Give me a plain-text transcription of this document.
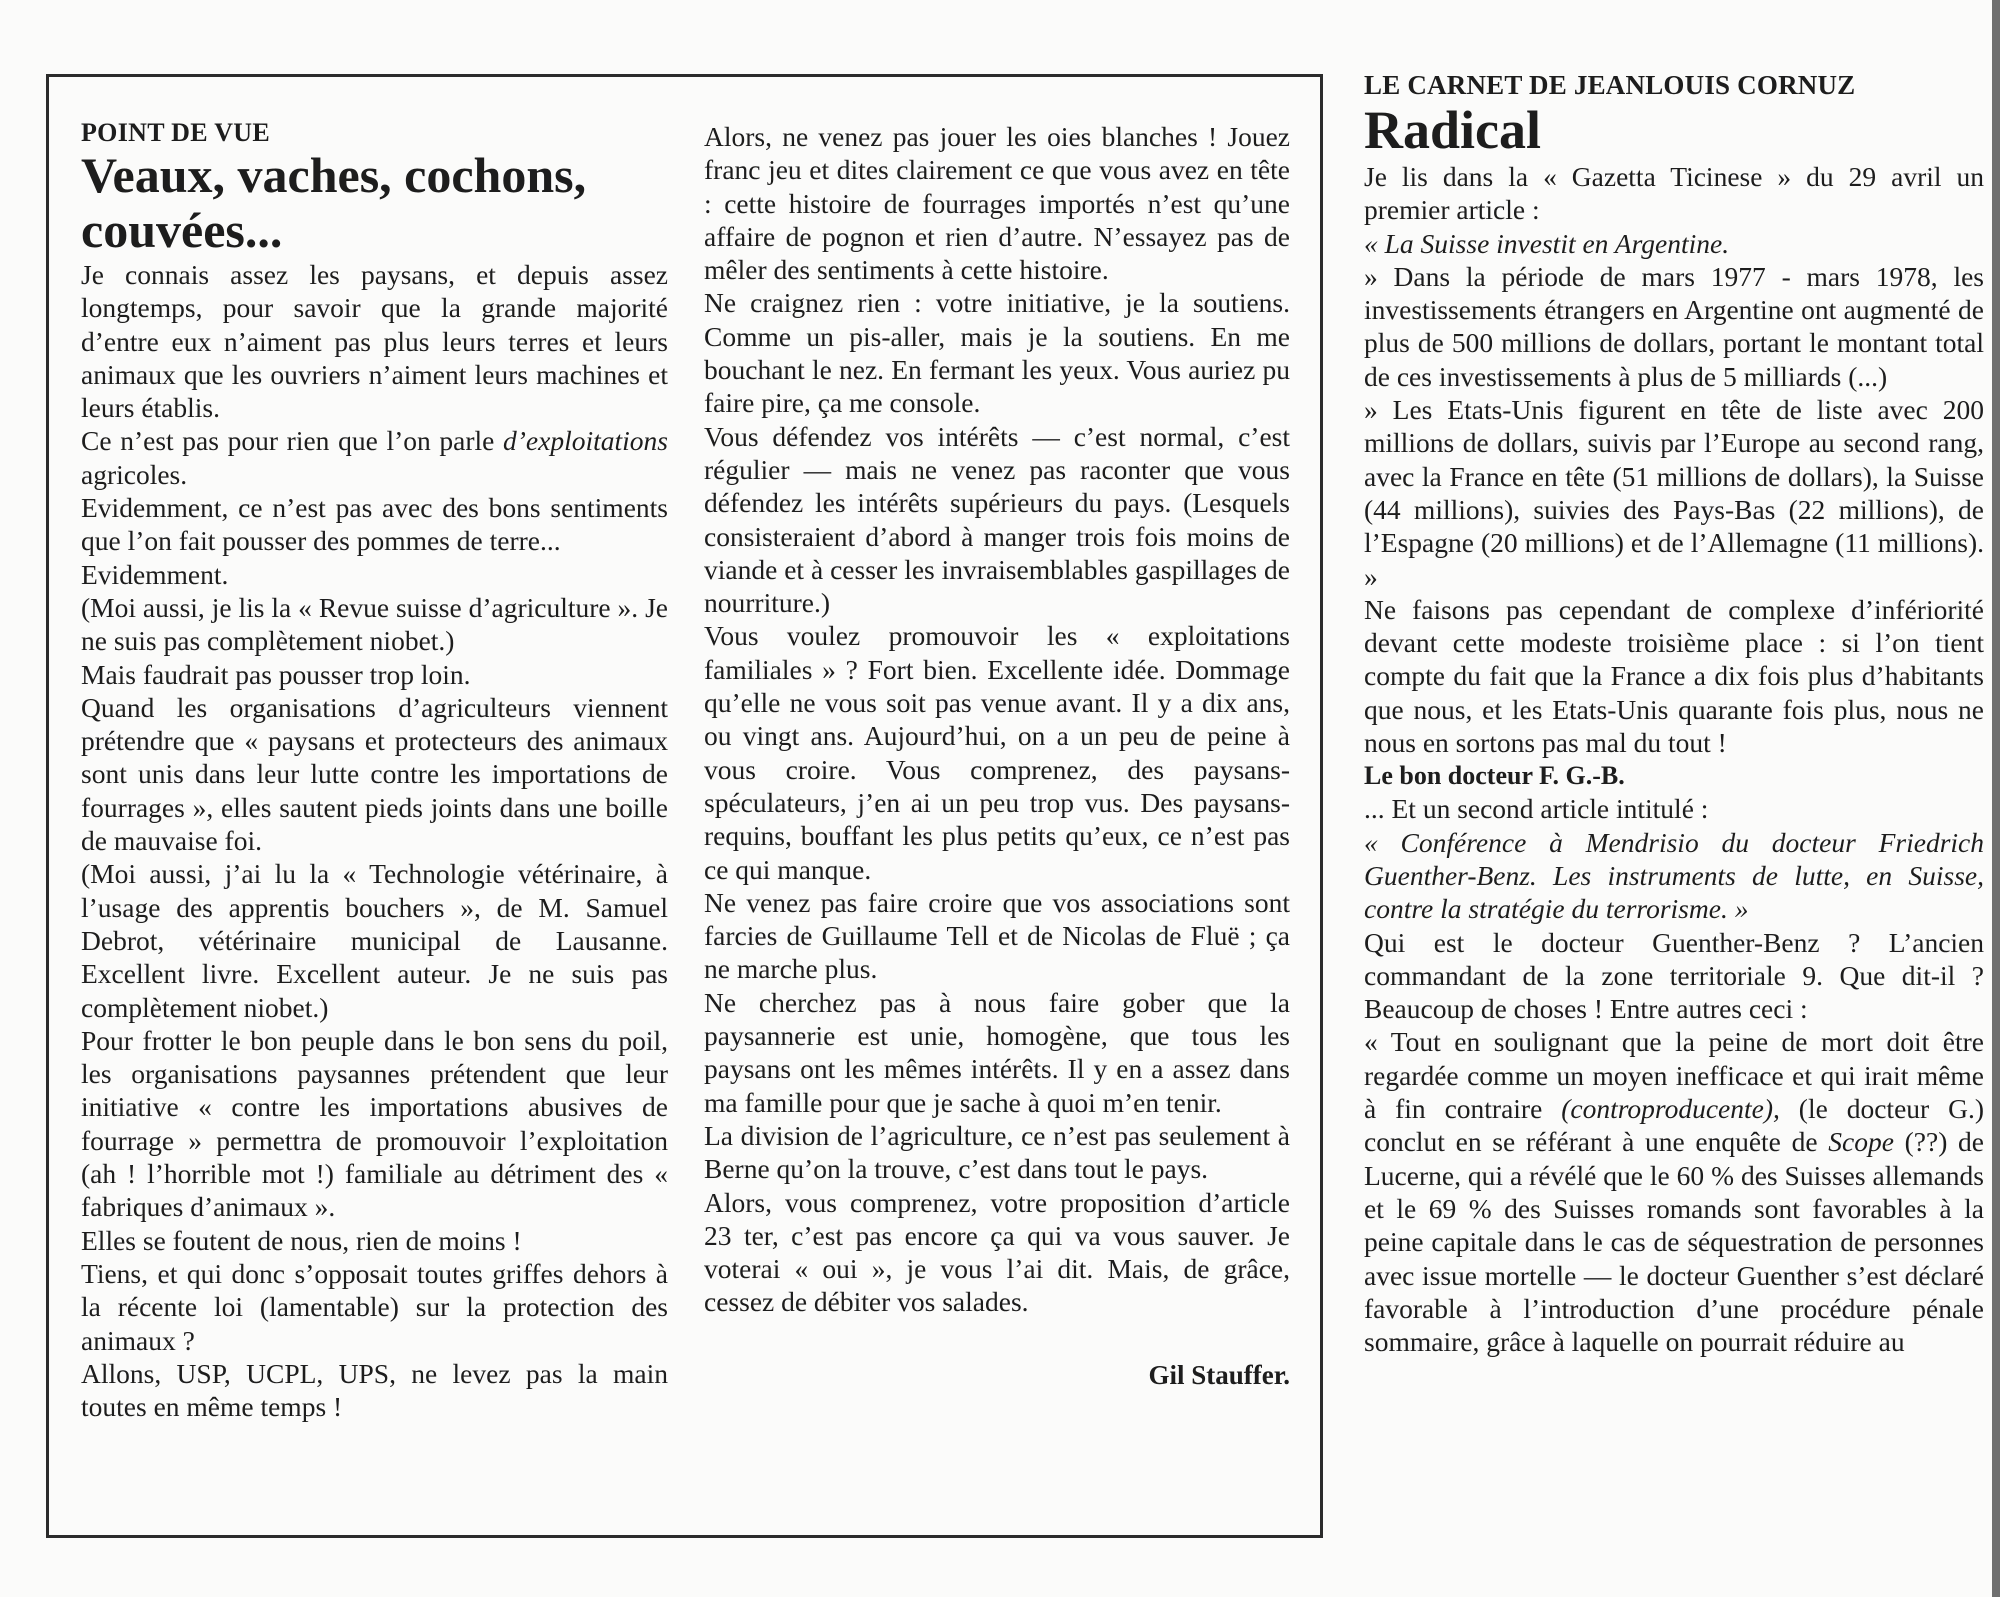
POINT DE VUE

Veaux, vaches, cochons, couvées...

Je connais assez les paysans, et depuis assez longtemps, pour savoir que la grande majorité d’entre eux n’aiment pas plus leurs terres et leurs animaux que les ouvriers n’aiment leurs machines et leurs établis.

Ce n’est pas pour rien que l’on parle d’exploitations agricoles.

Evidemment, ce n’est pas avec des bons sentiments que l’on fait pousser des pommes de terre...

Evidemment.

(Moi aussi, je lis la « Revue suisse d’agriculture ». Je ne suis pas complètement niobet.)

Mais faudrait pas pousser trop loin.

Quand les organisations d’agriculteurs viennent prétendre que « paysans et protecteurs des animaux sont unis dans leur lutte contre les importations de fourrages », elles sautent pieds joints dans une boille de mauvaise foi.

(Moi aussi, j’ai lu la « Technologie vétérinaire, à l’usage des apprentis bouchers », de M. Samuel Debrot, vétérinaire municipal de Lausanne. Excellent livre. Excellent auteur. Je ne suis pas complètement niobet.)

Pour frotter le bon peuple dans le bon sens du poil, les organisations paysannes prétendent que leur initiative « contre les importations abusives de fourrage » permettra de promouvoir l’exploitation (ah ! l’horrible mot !) familiale au détriment des « fabriques d’animaux ».

Elles se foutent de nous, rien de moins !

Tiens, et qui donc s’opposait toutes griffes dehors à la récente loi (lamentable) sur la protection des animaux ?

Allons, USP, UCPL, UPS, ne levez pas la main toutes en même temps !

Alors, ne venez pas jouer les oies blanches ! Jouez franc jeu et dites clairement ce que vous avez en tête : cette histoire de fourrages importés n’est qu’une affaire de pognon et rien d’autre. N’essayez pas de mêler des sentiments à cette histoire.

Ne craignez rien : votre initiative, je la soutiens. Comme un pis-aller, mais je la soutiens. En me bouchant le nez. En fermant les yeux. Vous auriez pu faire pire, ça me console.

Vous défendez vos intérêts — c’est normal, c’est régulier — mais ne venez pas raconter que vous défendez les intérêts supérieurs du pays. (Lesquels consisteraient d’abord à manger trois fois moins de viande et à cesser les invraisemblables gaspillages de nourriture.)

Vous voulez promouvoir les « exploitations familiales » ? Fort bien. Excellente idée. Dommage qu’elle ne vous soit pas venue avant. Il y a dix ans, ou vingt ans. Aujourd’hui, on a un peu de peine à vous croire. Vous comprenez, des paysans-spéculateurs, j’en ai un peu trop vus. Des paysans-requins, bouffant les plus petits qu’eux, ce n’est pas ce qui manque.

Ne venez pas faire croire que vos associations sont farcies de Guillaume Tell et de Nicolas de Fluë ; ça ne marche plus.

Ne cherchez pas à nous faire gober que la paysannerie est unie, homogène, que tous les paysans ont les mêmes intérêts. Il y en a assez dans ma famille pour que je sache à quoi m’en tenir.

La division de l’agriculture, ce n’est pas seulement à Berne qu’on la trouve, c’est dans tout le pays.

Alors, vous comprenez, votre proposition d’article 23 ter, c’est pas encore ça qui va vous sauver. Je voterai « oui », je vous l’ai dit. Mais, de grâce, cessez de débiter vos salades.

Gil Stauffer.

LE CARNET DE JEANLOUIS CORNUZ

Radical

Je lis dans la « Gazetta Ticinese » du 29 avril un premier article :

« La Suisse investit en Argentine.

» Dans la période de mars 1977 - mars 1978, les investissements étrangers en Argentine ont augmenté de plus de 500 millions de dollars, portant le montant total de ces investissements à plus de 5 milliards (...)

» Les Etats-Unis figurent en tête de liste avec 200 millions de dollars, suivis par l’Europe au second rang, avec la France en tête (51 millions de dollars), la Suisse (44 millions), suivies des Pays-Bas (22 millions), de l’Espagne (20 millions) et de l’Allemagne (11 millions). »

Ne faisons pas cependant de complexe d’infériorité devant cette modeste troisième place : si l’on tient compte du fait que la France a dix fois plus d’habitants que nous, et les Etats-Unis quarante fois plus, nous ne nous en sortons pas mal du tout !

Le bon docteur F. G.-B.

... Et un second article intitulé :

« Conférence à Mendrisio du docteur Friedrich Guenther-Benz. Les instruments de lutte, en Suisse, contre la stratégie du terrorisme. »

Qui est le docteur Guenther-Benz ? L’ancien commandant de la zone territoriale 9. Que dit-il ? Beaucoup de choses ! Entre autres ceci :

« Tout en soulignant que la peine de mort doit être regardée comme un moyen inefficace et qui irait même à fin contraire (controproducente), (le docteur G.) conclut en se référant à une enquête de Scope (??) de Lucerne, qui a révélé que le 60 % des Suisses allemands et le 69 % des Suisses romands sont favorables à la peine capitale dans le cas de séquestration de personnes avec issue mortelle — le docteur Guenther s’est déclaré favorable à l’introduction d’une procédure pénale sommaire, grâce à laquelle on pourrait réduire au
